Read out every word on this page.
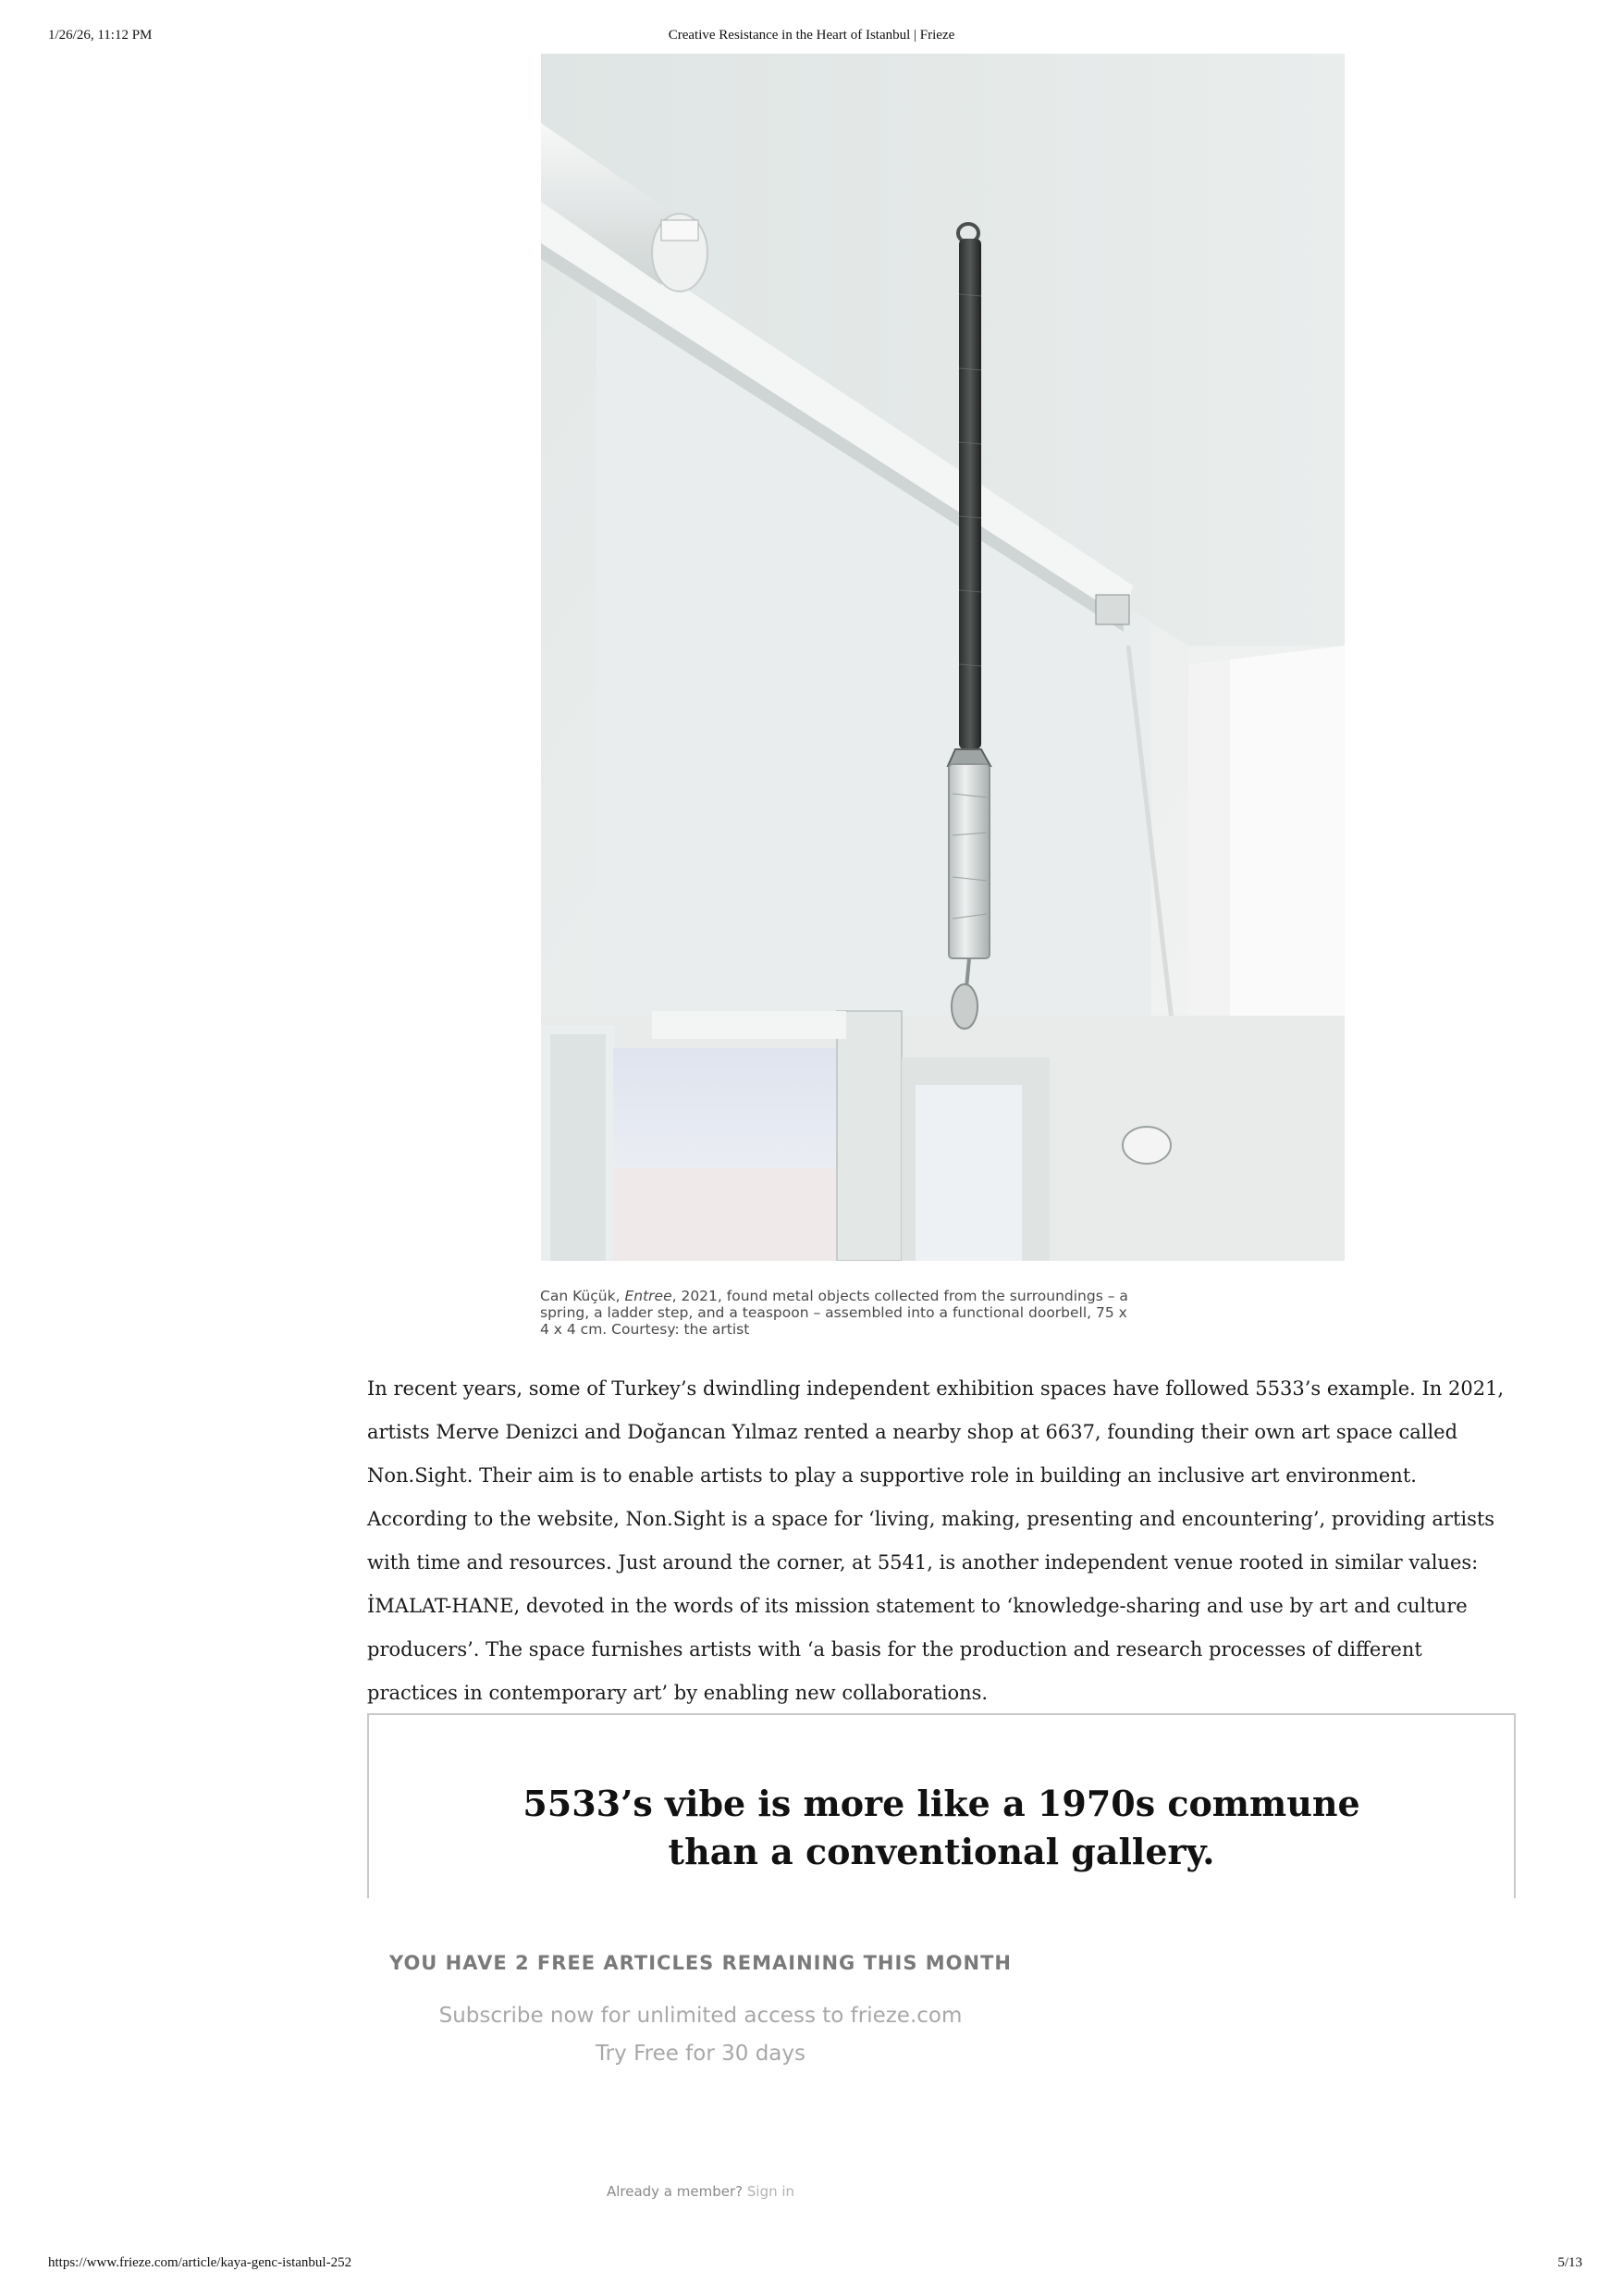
1/26/26, 11:12 PM	Creative Resistance in the Heart of Istanbul | Frieze
Can Küçük, Entree, 2021, found metal objects collected from the surroundings – a spring, a ladder step, and a teaspoon – assembled into a functional doorbell, 75 x 4 x 4 cm. Courtesy: the artist

In recent years, some of Turkey’s dwindling independent exhibition spaces have followed 5533’s example. In 2021, artists Merve Denizci and Doğancan Yılmaz rented a nearby shop at 6637, founding their own art space called Non.Sight. Their aim is to enable artists to play a supportive role in building an inclusive art environment. According to the website, Non.Sight is a space for ‘living, making, presenting and encountering’, providing artists with time and resources. Just around the corner, at 5541, is another independent venue rooted in similar values: İMALAT-HANE, devoted in the words of its mission statement to ‘knowledge-sharing and use by art and culture producers’. The space furnishes artists with ‘a basis for the production and research processes of different practices in contemporary art’ by enabling new collaborations.

5533’s vibe is more like a 1970s commune than a conventional gallery.
YOU HAVE 2 FREE ARTICLES REMAINING THIS MONTH
Subscribe now for unlimited access to frieze.com
Try Free for 30 days
Already a member? Sign in
https://www.frieze.com/article/kaya-genc-istanbul-252	5/13
